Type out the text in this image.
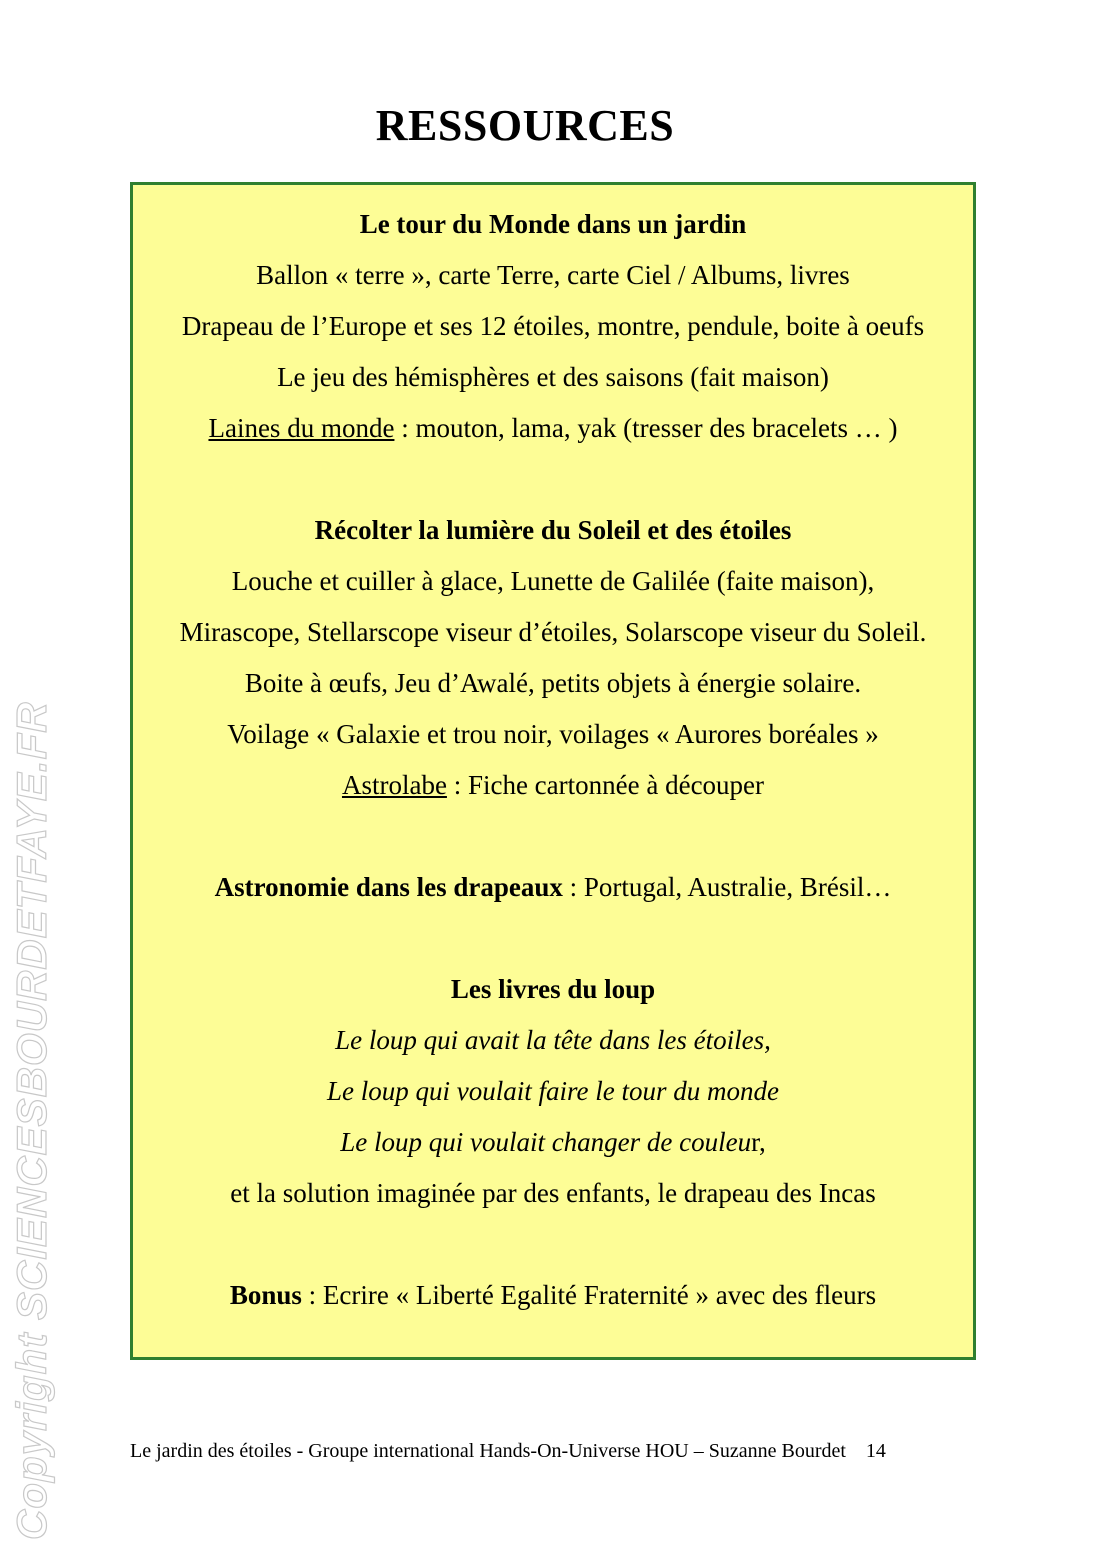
RESSOURCES
Le tour du Monde dans un jardin
Ballon « terre », carte Terre, carte Ciel / Albums, livres
Drapeau de l’Europe et ses 12 étoiles, montre, pendule, boite à oeufs
Le jeu des hémisphères et des saisons (fait maison)
Laines du monde : mouton, lama, yak (tresser des bracelets … )
Récolter la lumière du Soleil et des étoiles
Louche et cuiller à glace, Lunette de Galilée (faite maison),
Mirascope, Stellarscope viseur d’étoiles, Solarscope viseur du Soleil.
Boite à œufs, Jeu d’Awalé, petits objets à énergie solaire.
Voilage « Galaxie et trou noir, voilages « Aurores boréales »
Astrolabe : Fiche cartonnée à découper
Astronomie dans les drapeaux : Portugal, Australie, Brésil…
Les livres du loup
Le loup qui avait la tête dans les étoiles,
Le loup qui voulait faire le tour du monde
Le loup qui voulait changer de couleur,
et la solution imaginée par des enfants, le drapeau des Incas
Bonus : Ecrire « Liberté Egalité Fraternité » avec des fleurs
Le jardin des étoiles - Groupe international Hands-On-Universe HOU – Suzanne Bourdet 14
Copyright SCIENCESBOURDETFAYE.FR
